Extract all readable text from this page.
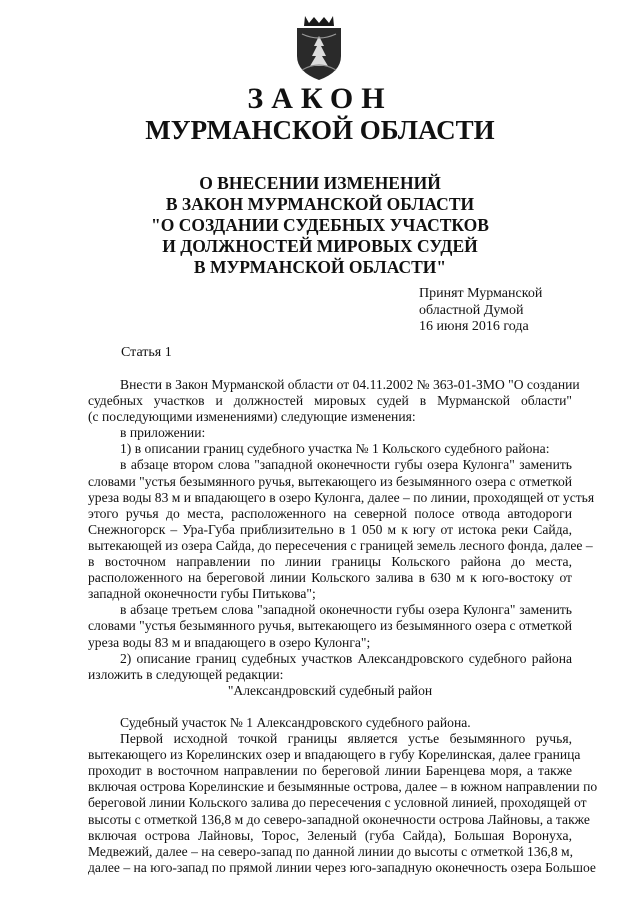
ЗАКОН
МУРМАНСКОЙ ОБЛАСТИ
О ВНЕСЕНИИ ИЗМЕНЕНИЙ
В ЗАКОН МУРМАНСКОЙ ОБЛАСТИ
"О СОЗДАНИИ СУДЕБНЫХ УЧАСТКОВ
И ДОЛЖНОСТЕЙ МИРОВЫХ СУДЕЙ
В МУРМАНСКОЙ ОБЛАСТИ"
Принят Мурманской
областной Думой
16 июня 2016 года
Статья 1
Внести в Закон Мурманской области от 04.11.2002 № 363-01-ЗМО "О создании
судебных участков и должностей мировых судей в Мурманской области"
(с последующими изменениями) следующие изменения:
в приложении:
1) в описании границ судебного участка № 1 Кольского судебного района:
в абзаце втором слова "западной оконечности губы озера Кулонга" заменить
словами "устья безымянного ручья, вытекающего из безымянного озера с отметкой
уреза воды 83 м и впадающего в озеро Кулонга, далее – по линии, проходящей от устья
этого ручья до места, расположенного на северной полосе отвода автодороги
Снежногорск – Ура-Губа приблизительно в 1 050 м к югу от истока реки Сайда,
вытекающей из озера Сайда, до пересечения с границей земель лесного фонда, далее –
в восточном направлении по линии границы Кольского района до места,
расположенного на береговой линии Кольского залива в 630 м к юго-востоку от
западной оконечности губы Питькова";
в абзаце третьем слова "западной оконечности губы озера Кулонга" заменить
словами "устья безымянного ручья, вытекающего из безымянного озера с отметкой
уреза воды 83 м и впадающего в озеро Кулонга";
2) описание границ судебных участков Александровского судебного района
изложить в следующей редакции:
"Александровский судебный район
Судебный участок № 1 Александровского судебного района.
Первой исходной точкой границы является устье безымянного ручья,
вытекающего из Корелинских озер и впадающего в губу Корелинская, далее граница
проходит в восточном направлении по береговой линии Баренцева моря, а также
включая острова Корелинские и безымянные острова, далее – в южном направлении по
береговой линии Кольского залива до пересечения с условной линией, проходящей от
высоты с отметкой 136,8 м до северо-западной оконечности острова Лайновы, а также
включая острова Лайновы, Торос, Зеленый (губа Сайда), Большая Воронуха,
Медвежий, далее – на северо-запад по данной линии до высоты с отметкой 136,8 м,
далее – на юго-запад по прямой линии через юго-западную оконечность озера Большое
